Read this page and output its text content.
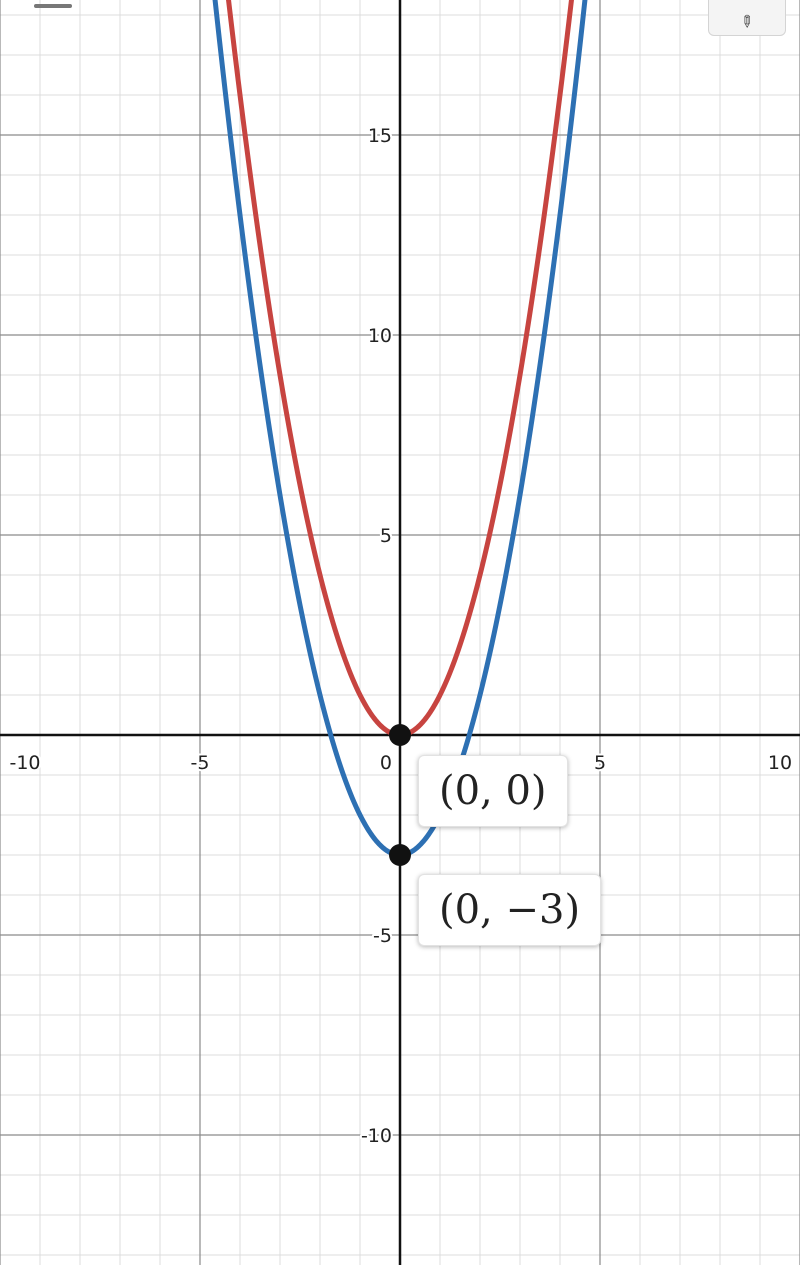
-10	-5	0	5	10
15
10
5
-5
-10
✎
(0, 0)
(0, −3)
